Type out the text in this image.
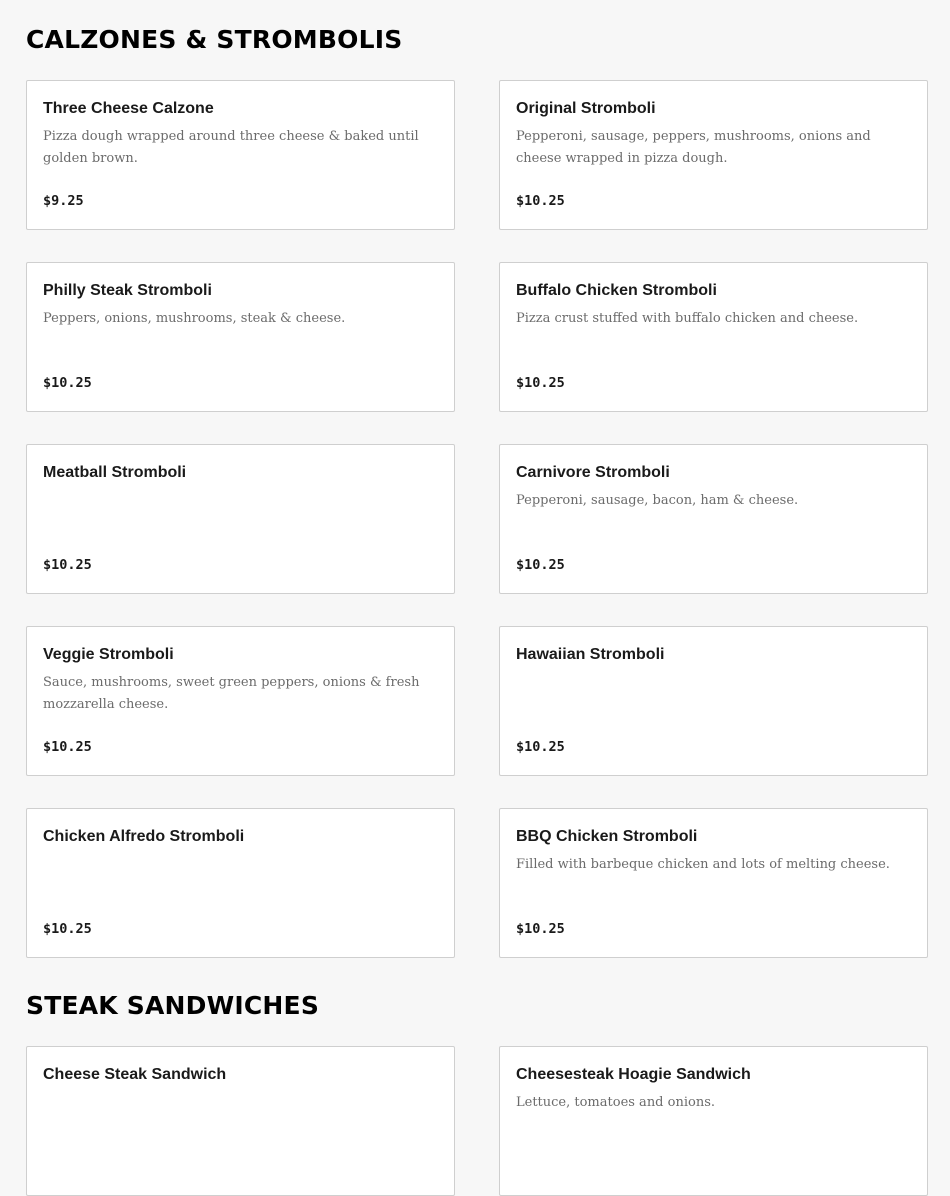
CALZONES & STROMBOLIS
Three Cheese Calzone
Pizza dough wrapped around three cheese & baked until golden brown.
$9.25
Original Stromboli
Pepperoni, sausage, peppers, mushrooms, onions and cheese wrapped in pizza dough.
$10.25
Philly Steak Stromboli
Peppers, onions, mushrooms, steak & cheese.
$10.25
Buffalo Chicken Stromboli
Pizza crust stuffed with buffalo chicken and cheese.
$10.25
Meatball Stromboli
$10.25
Carnivore Stromboli
Pepperoni, sausage, bacon, ham & cheese.
$10.25
Veggie Stromboli
Sauce, mushrooms, sweet green peppers, onions & fresh mozzarella cheese.
$10.25
Hawaiian Stromboli
$10.25
Chicken Alfredo Stromboli
$10.25
BBQ Chicken Stromboli
Filled with barbeque chicken and lots of melting cheese.
$10.25
STEAK SANDWICHES
Cheese Steak Sandwich	Cheesesteak Hoagie Sandwich
Lettuce, tomatoes and onions.
